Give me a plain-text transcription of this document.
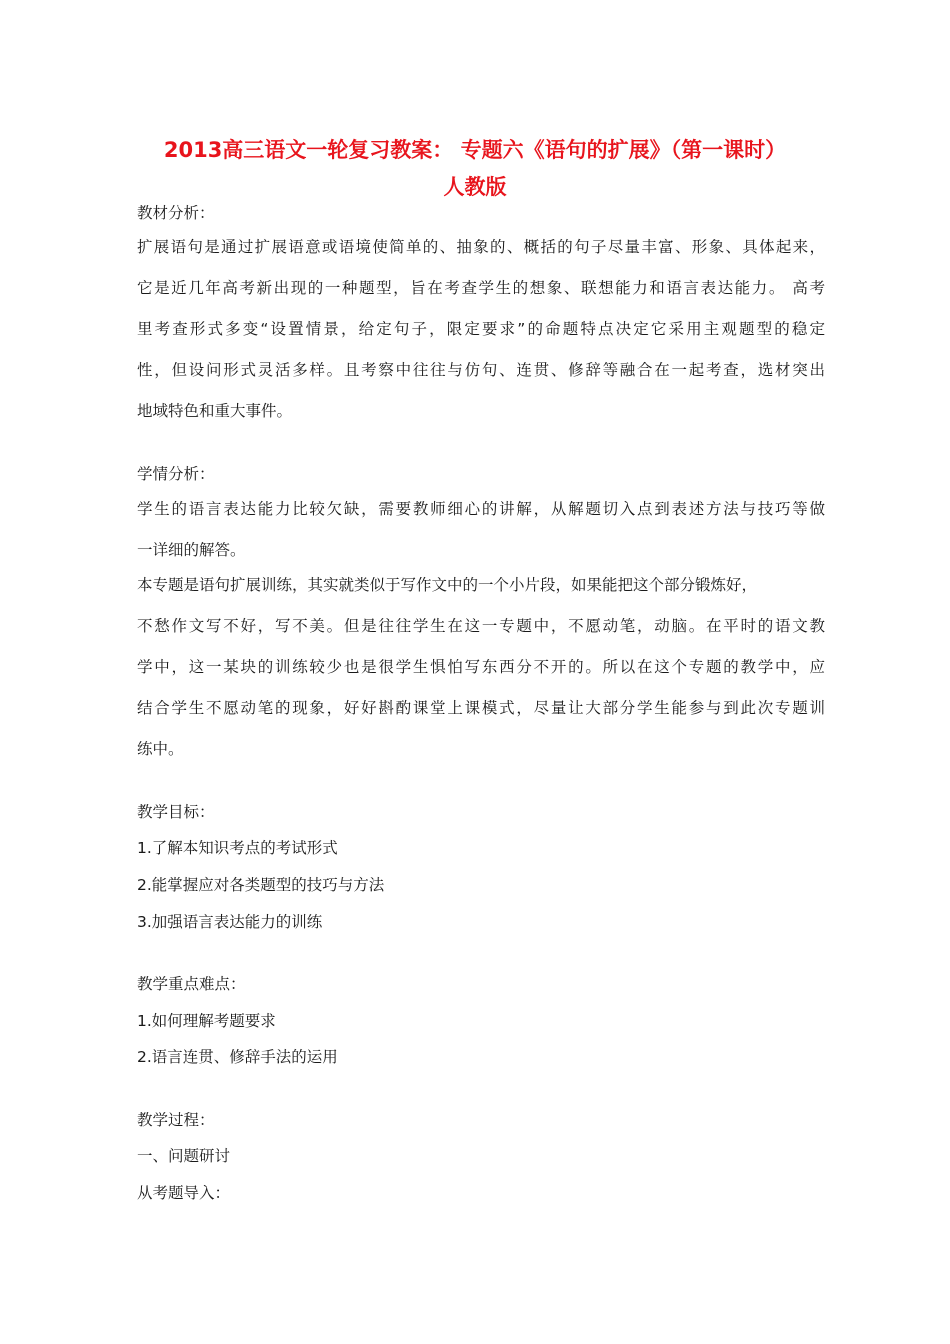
2013高三语文一轮复习教案： 专题六《语句的扩展》（第一课时）
人教版
教材分析：
扩展语句是通过扩展语意或语境使简单的、抽象的、概括的句子尽量丰富、形象、具体起来，
它是近几年高考新出现的一种题型，旨在考查学生的想象、联想能力和语言表达能力。 高考
里考查形式多变“设置情景，给定句子，限定要求”的命题特点决定它采用主观题型的稳定
性，但设问形式灵活多样。且考察中往往与仿句、连贯、修辞等融合在一起考查，选材突出
地域特色和重大事件。
学情分析：
学生的语言表达能力比较欠缺，需要教师细心的讲解，从解题切入点到表述方法与技巧等做
一详细的解答。
本专题是语句扩展训练，其实就类似于写作文中的一个小片段，如果能把这个部分锻炼好，
不愁作文写不好，写不美。但是往往学生在这一专题中，不愿动笔，动脑。在平时的语文教
学中，这一某块的训练较少也是很学生惧怕写东西分不开的。所以在这个专题的教学中，应
结合学生不愿动笔的现象，好好斟酌课堂上课模式，尽量让大部分学生能参与到此次专题训
练中。
教学目标：
1.了解本知识考点的考试形式
2.能掌握应对各类题型的技巧与方法
3.加强语言表达能力的训练
教学重点难点：
1.如何理解考题要求
2.语言连贯、修辞手法的运用
教学过程：
一、问题研讨
从考题导入：
